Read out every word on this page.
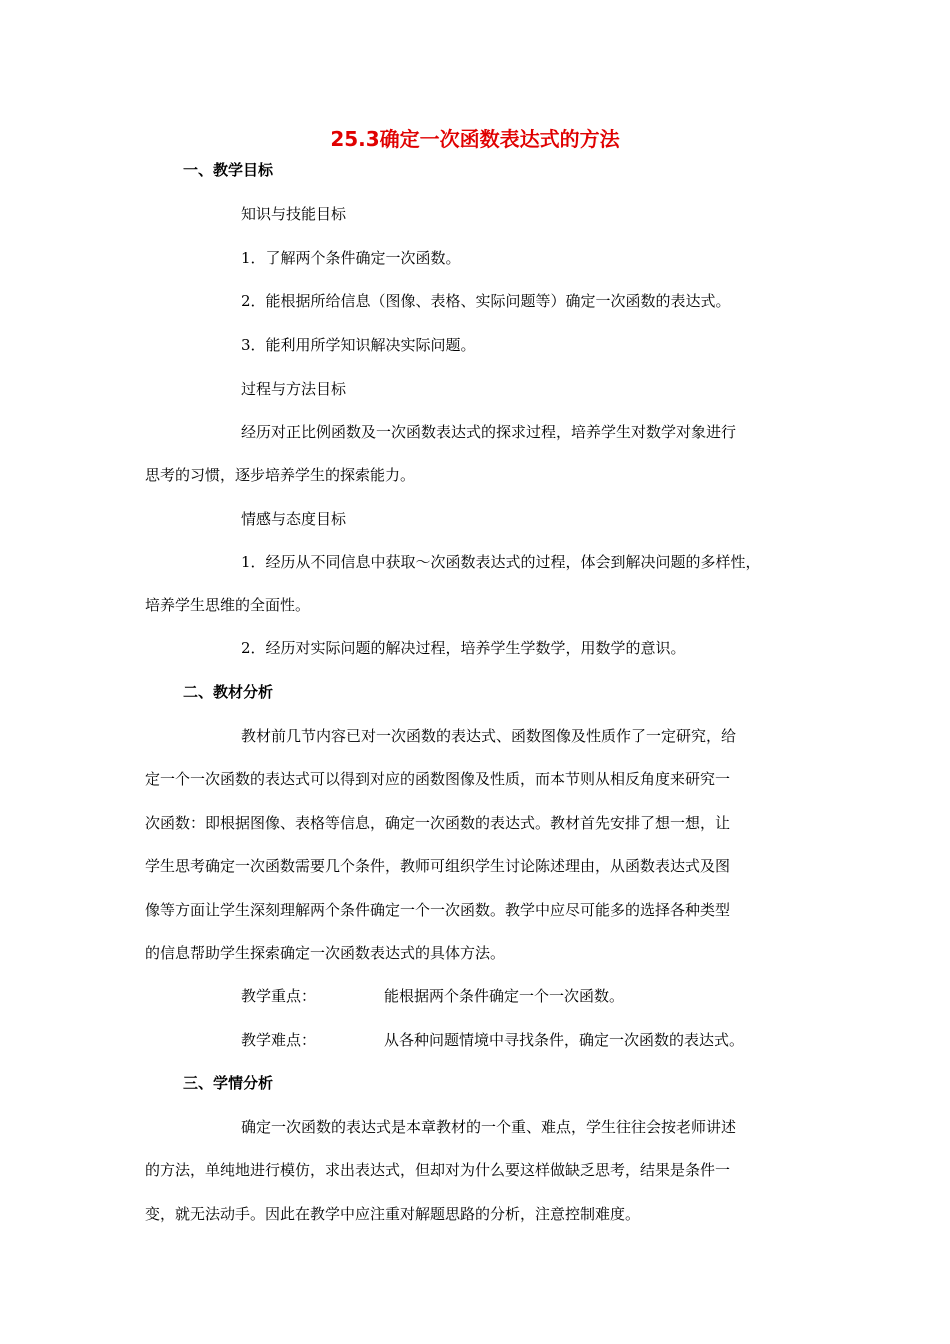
25.3确定一次函数表达式的方法
一、教学目标
知识与技能目标
1．了解两个条件确定一次函数。
2．能根据所给信息（图像、表格、实际问题等）确定一次函数的表达式。
3．能利用所学知识解决实际问题。
过程与方法目标
经历对正比例函数及一次函数表达式的探求过程，培养学生对数学对象进行
思考的习惯，逐步培养学生的探索能力。
情感与态度目标
1．经历从不同信息中获取～次函数表达式的过程，体会到解决问题的多样性，
培养学生思维的全面性。
2．经历对实际问题的解决过程，培养学生学数学，用数学的意识。
二、教材分析
教材前几节内容已对一次函数的表达式、函数图像及性质作了一定研究，给
定一个一次函数的表达式可以得到对应的函数图像及性质，而本节则从相反角度来研究一
次函数：即根据图像、表格等信息，确定一次函数的表达式。教材首先安排了想一想，让
学生思考确定一次函数需要几个条件，教师可组织学生讨论陈述理由，从函数表达式及图
像等方面让学生深刻理解两个条件确定一个一次函数。教学中应尽可能多的选择各种类型
的信息帮助学生探索确定一次函数表达式的具体方法。
教学重点：	能根据两个条件确定一个一次函数。
教学难点：	从各种问题情境中寻找条件，确定一次函数的表达式。
三、学情分析
确定一次函数的表达式是本章教材的一个重、难点，学生往往会按老师讲述
的方法，单纯地进行模仿，求出表达式，但却对为什么要这样做缺乏思考，结果是条件一
变，就无法动手。因此在教学中应注重对解题思路的分析，注意控制难度。
